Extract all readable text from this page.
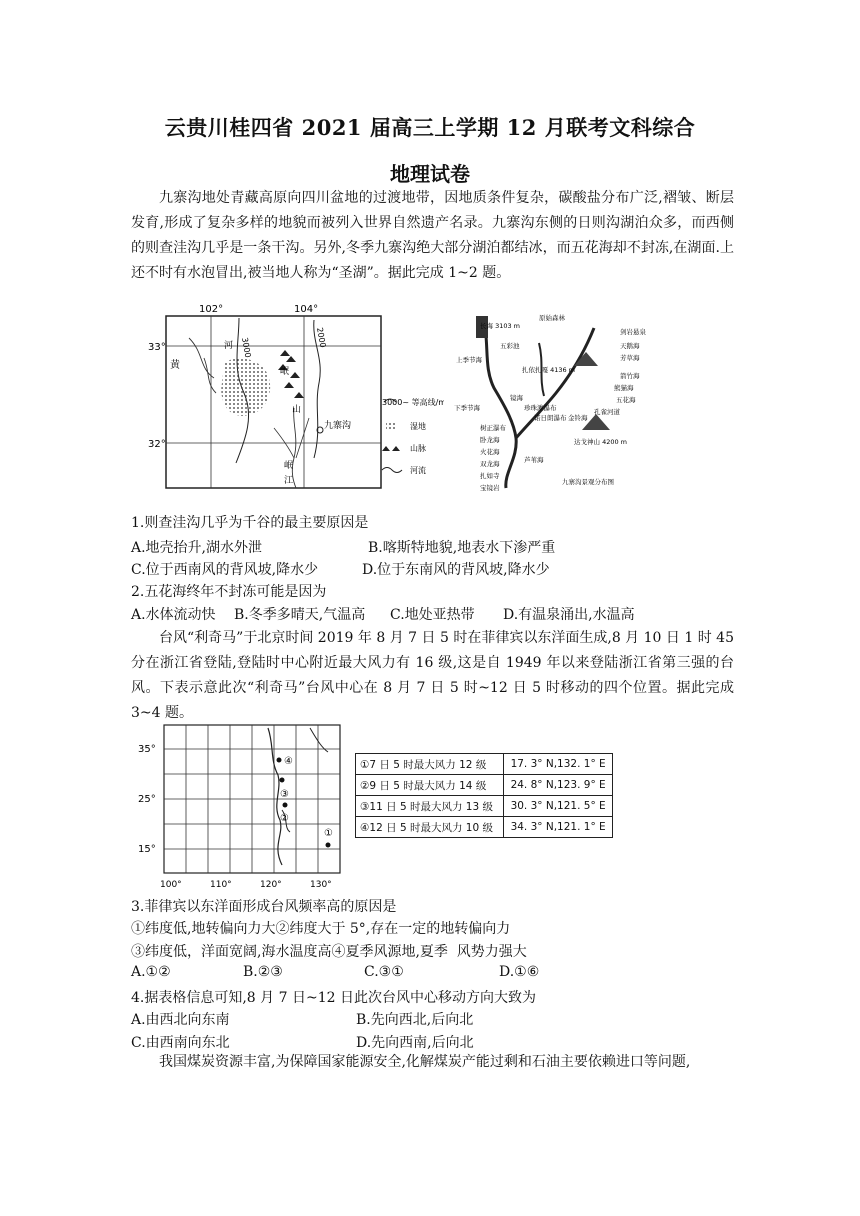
云贵川桂四省 2021 届高三上学期 12 月联考文科综合
地理试卷
九寨沟地处青藏高原向四川盆地的过渡地带，因地质条件复杂，碳酸盐分布广泛,褶皱、断层发育,形成了复杂多样的地貌而被列入世界自然遗产名录。九寨沟东侧的日则沟湖泊众多，而西侧的则查洼沟几乎是一条干沟。另外,冬季九寨沟绝大部分湖泊都结冰，而五花海却不封冻,在湖面.上还不时有水泡冒出,被当地人称为“圣湖”。据此完成 1~2 题。
102°	104°
33°
32°
3000	2000
黄
河
岷
山
九寨沟
岷
江
3000~ 等高线/m
湿地
山脉
河流
长海 3103 m
原始森林
剑岩悬泉
天鹅海
芳草海
五彩池
上季节海
扎依扎嘎 4136 m
箭竹海
熊猫海
五花海
孔雀河道
镜海
珍珠滩瀑布
诺日朗瀑布 金铃海
下季节海
树正瀑布
卧龙海
火花海
双龙海	芦苇海
扎如寺
宝镜岩
达戈神山 4200 m
九寨沟景观分布图
1.则查洼沟几乎为千谷的最主要原因是
A.地壳抬升,湖水外泄	B.喀斯特地貌,地表水下渗严重
C.位于西南风的背风坡,降水少	D.位于东南风的背风坡,降水少
2.五花海终年不封冻可能是因为
A.水体流动快 B.冬季多晴天,气温高 C.地处亚热带 D.有温泉涌出,水温高
台风“利奇马”于北京时间 2019 年 8 月 7 日 5 时在菲律宾以东洋面生成,8 月 10 日 1 时 45 分在浙江省登陆,登陆时中心附近最大风力有 16 级,这是自 1949 年以来登陆浙江省第三强的台风。下表示意此次“利奇马”台风中心在 8 月 7 日 5 时~12 日 5 时移动的四个位置。据此完成 3~4 题。
35°
25°
15°
100°	110°	120°	130°
①
②
③
④	①7 日 5 时最大风力 12 级	17. 3° N,132. 1° E
②9 日 5 时最大风力 14 级	24. 8° N,123. 9° E
③11 日 5 时最大风力 13 级	30. 3° N,121. 5° E
④12 日 5 时最大风力 10 级	34. 3° N,121. 1° E
3.菲律宾以东洋面形成台风频率高的原因是
①纬度低,地转偏向力大②纬度大于 5°,存在一定的地转偏向力
③纬度低，洋面宽阔,海水温度高④夏季风源地,夏季  风势力强大
A.①②	B.②③	C.③①	D.①⑥
4.据表格信息可知,8 月 7 日~12 日此次台风中心移动方向大致为
A.由西北向东南	B.先向西北,后向北
C.由西南向东北	D.先向西南,后向北
我国煤炭资源丰富,为保障国家能源安全,化解煤炭产能过剩和石油主要依赖进口等问题,
